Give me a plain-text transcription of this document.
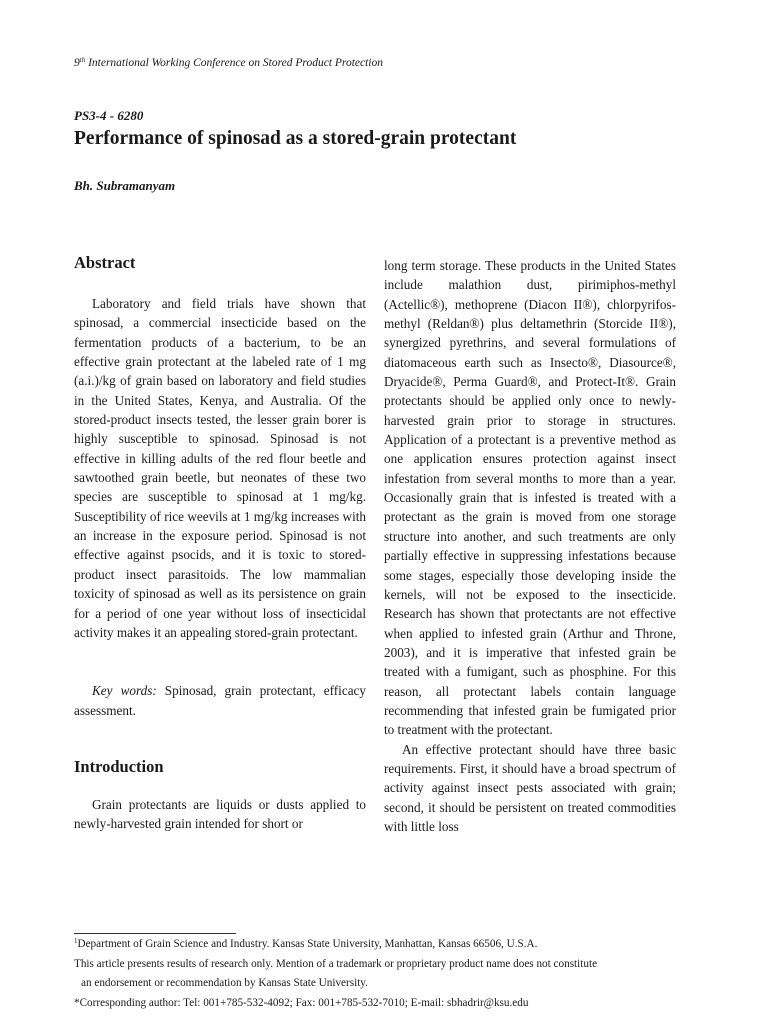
9th International Working Conference on Stored Product Protection
PS3-4 - 6280
Performance of spinosad as a stored-grain protectant
Bh. Subramanyam
Abstract

Laboratory and field trials have shown that spinosad, a commercial insecticide based on the fermentation products of a bacterium, to be an effective grain protectant at the labeled rate of 1 mg (a.i.)/kg of grain based on laboratory and field studies in the United States, Kenya, and Australia. Of the stored-product insects tested, the lesser grain borer is highly susceptible to spinosad. Spinosad is not effective in killing adults of the red flour beetle and sawtoothed grain beetle, but neonates of these two species are susceptible to spinosad at 1 mg/kg. Susceptibility of rice weevils at 1 mg/kg increases with an increase in the exposure period. Spinosad is not effective against psocids, and it is toxic to stored-product insect parasitoids. The low mammalian toxicity of spinosad as well as its persistence on grain for a period of one year without loss of insecticidal activity makes it an appealing stored-grain protectant.

Key words: Spinosad, grain protectant, efficacy assessment.

Introduction

Grain protectants are liquids or dusts applied to newly-harvested grain intended for short or

long term storage. These products in the United States include malathion dust, pirimiphos-methyl (Actellic®), methoprene (Diacon II®), chlorpyrifos-methyl (Reldan®) plus deltamethrin (Storcide II®), synergized pyrethrins, and several formulations of diatomaceous earth such as Insecto®, Diasource®, Dryacide®, Perma Guard®, and Protect-It®. Grain protectants should be applied only once to newly-harvested grain prior to storage in structures. Application of a protectant is a preventive method as one application ensures protection against insect infestation from several months to more than a year. Occasionally grain that is infested is treated with a protectant as the grain is moved from one storage structure into another, and such treatments are only partially effective in suppressing infestations because some stages, especially those developing inside the kernels, will not be exposed to the insecticide. Research has shown that protectants are not effective when applied to infested grain (Arthur and Throne, 2003), and it is imperative that infested grain be treated with a fumigant, such as phosphine. For this reason, all protectant labels contain language recommending that infested grain be fumigated prior to treatment with the protectant.

An effective protectant should have three basic requirements. First, it should have a broad spectrum of activity against insect pests associated with grain; second, it should be persistent on treated commodities with little loss

$^1$Department of Grain Science and Industry. Kansas State University, Manhattan, Kansas 66506, U.S.A.
This article presents results of research only. Mention of a trademark or proprietary product name does not constitute
an endorsement or recommendation by Kansas State University.
*Corresponding author: Tel: 001+785-532-4092; Fax: 001+785-532-7010; E-mail: sbhadrir@ksu.edu
